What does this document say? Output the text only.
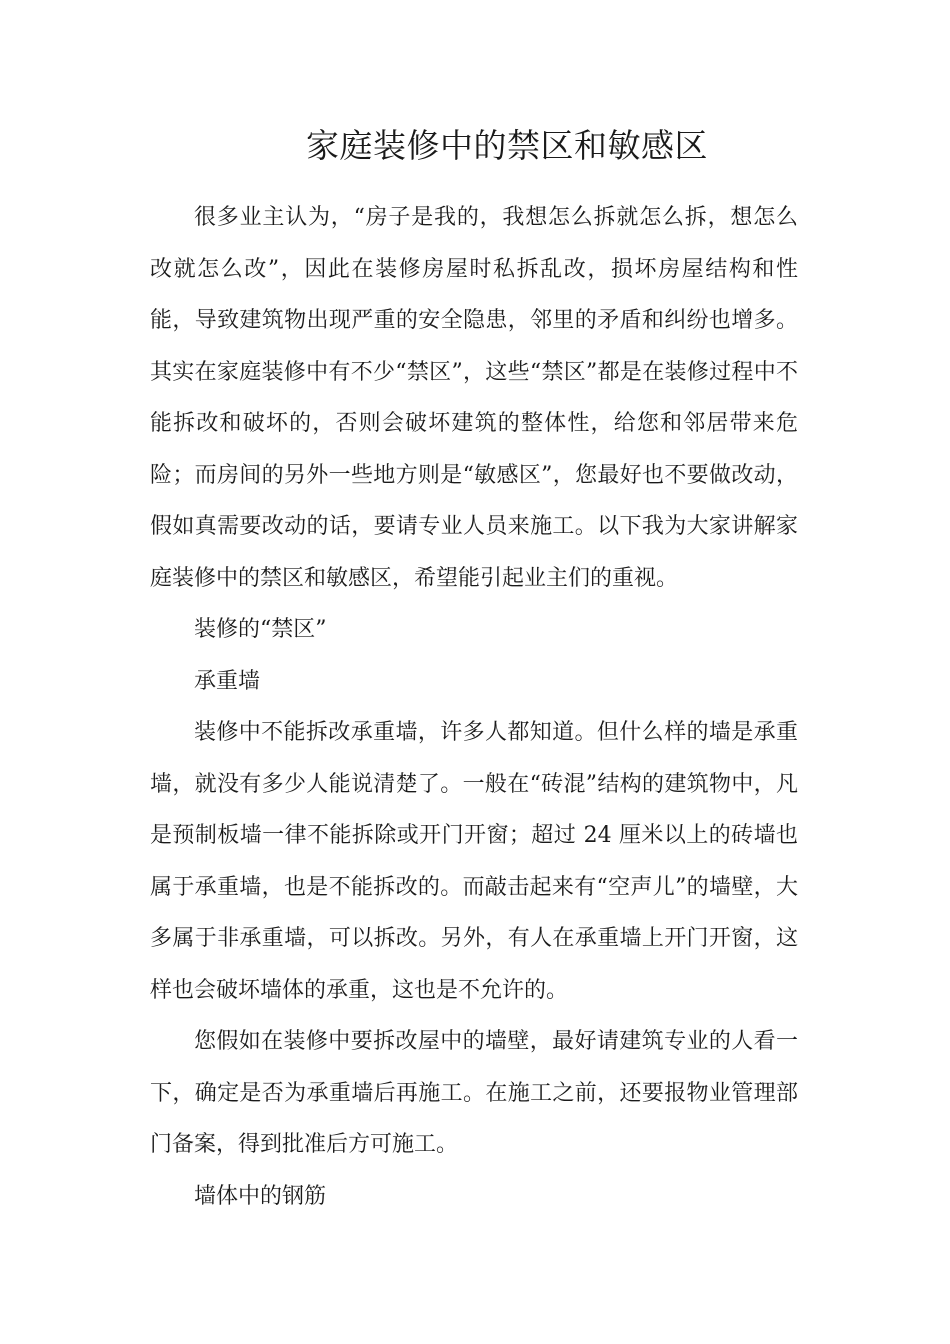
家庭装修中的禁区和敏感区

很多业主认为，“房子是我的，我想怎么拆就怎么拆，想怎么改就怎么改”，因此在装修房屋时私拆乱改，损坏房屋结构和性能，导致建筑物出现严重的安全隐患，邻里的矛盾和纠纷也增多。其实在家庭装修中有不少“禁区”，这些“禁区”都是在装修过程中不能拆改和破坏的，否则会破坏建筑的整体性，给您和邻居带来危险；而房间的另外一些地方则是“敏感区”，您最好也不要做改动，假如真需要改动的话，要请专业人员来施工。以下我为大家讲解家庭装修中的禁区和敏感区，希望能引起业主们的重视。

装修的“禁区”

承重墙

装修中不能拆改承重墙，许多人都知道。但什么样的墙是承重墙，就没有多少人能说清楚了。一般在“砖混”结构的建筑物中，凡是预制板墙一律不能拆除或开门开窗；超过 24 厘米以上的砖墙也属于承重墙，也是不能拆改的。而敲击起来有“空声儿”的墙壁，大多属于非承重墙，可以拆改。另外，有人在承重墙上开门开窗，这样也会破坏墙体的承重，这也是不允许的。

您假如在装修中要拆改屋中的墙壁，最好请建筑专业的人看一下，确定是否为承重墙后再施工。在施工之前，还要报物业管理部门备案，得到批准后方可施工。

墙体中的钢筋
